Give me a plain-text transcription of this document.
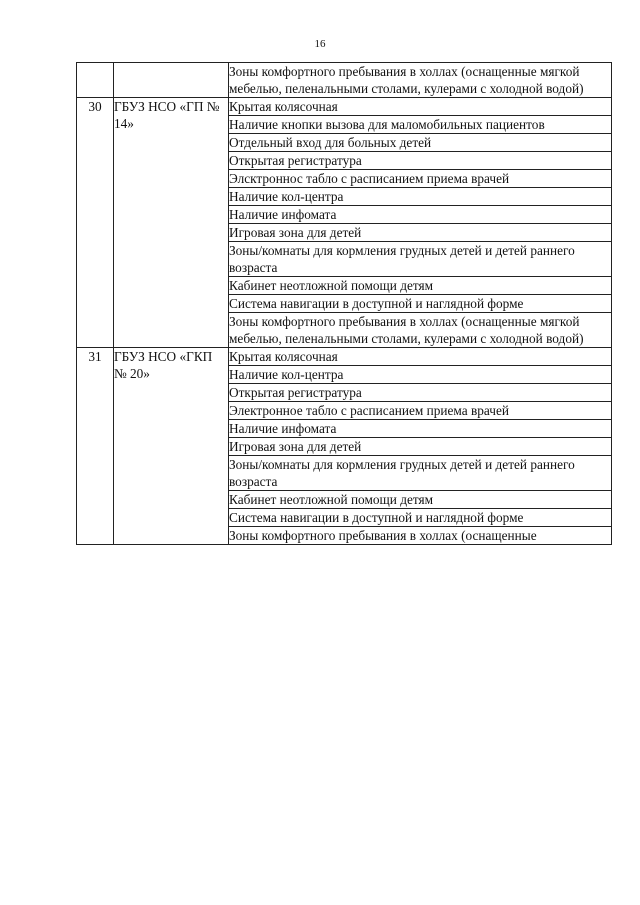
16
		Зоны комфортного пребывания в холлах (оснащенные мягкой мебелью, пеленальными столами, кулерами с холодной водой)
30	ГБУЗ НСО «ГП № 14»	Крытая колясочная
		Наличие кнопки вызова для маломобильных пациентов
		Отдельный вход для больных детей
		Открытая регистратура
		Элсктроннос табло с расписанием приема врачей
		Наличие кол-центра
		Наличие инфомата
		Игровая зона для детей
		Зоны/комнаты для кормления грудных детей и детей раннего возраста
		Кабинет неотложной помощи детям
		Система навигации в доступной и наглядной форме
		Зоны комфортного пребывания в холлах (оснащенные мягкой мебелью, пеленальными столами, кулерами с холодной водой)
31	ГБУЗ НСО «ГКП № 20»	Крытая колясочная
		Наличие кол-центра
		Открытая регистратура
		Электронное табло с расписанием приема врачей
		Наличие инфомата
		Игровая зона для детей
		Зоны/комнаты для кормления грудных детей и детей раннего возраста
		Кабинет неотложной помощи детям
		Система навигации в доступной и наглядной форме
		Зоны комфортного пребывания в холлах (оснащенные
